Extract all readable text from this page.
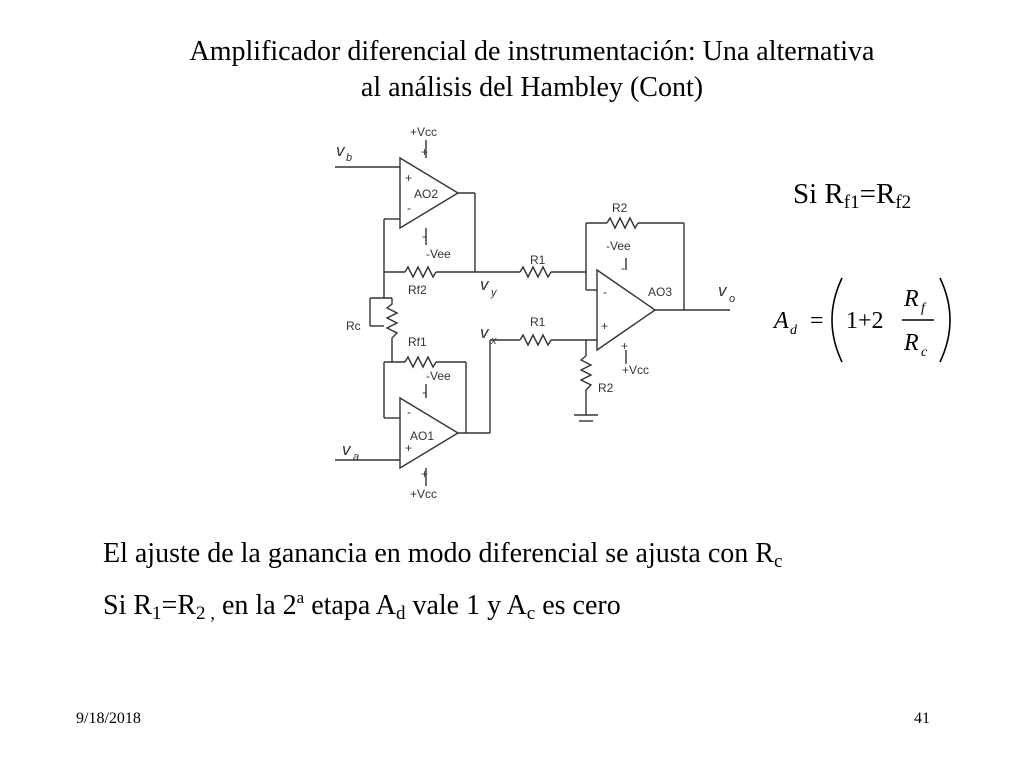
Amplificador diferencial de instrumentación: Una alternativa
al análisis del Hambley (Cont)
v b
v a
v y
v x
v o
AO2
AO1
AO3
Rf2
Rf1
Rc
R1
R1
R2
R2
+Vcc
-Vee
-Vee
+Vcc
-Vee
+Vcc
+
-
+
-
-
+
-
+
-
+
-
+
Si $R_{f1}=R_{f2}$
A d = 1+2
R f
R c
El ajuste de la ganancia en modo diferencial se ajusta con $R_c$
Si $R_1=R_{2 ,}$ en la 2$^a$ etapa $A_d$ vale 1 y $A_c$ es cero
9/18/2018	41
